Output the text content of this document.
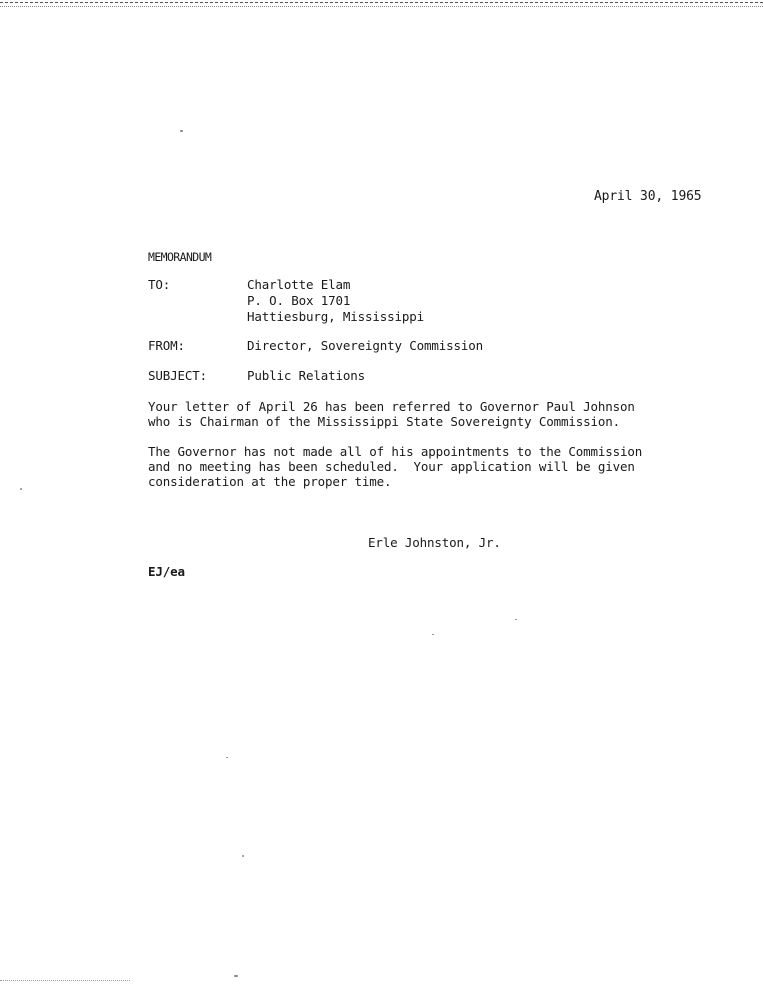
April 30, 1965
MEMORANDUM
TO:	Charlotte Elam
P. O. Box 1701
Hattiesburg, Mississippi
FROM:	Director, Sovereignty Commission
SUBJECT:	Public Relations
Your letter of April 26 has been referred to Governor Paul Johnson
who is Chairman of the Mississippi State Sovereignty Commission.
The Governor has not made all of his appointments to the Commission
and no meeting has been scheduled.  Your application will be given
consideration at the proper time.
Erle Johnston, Jr.
EJ/ea
